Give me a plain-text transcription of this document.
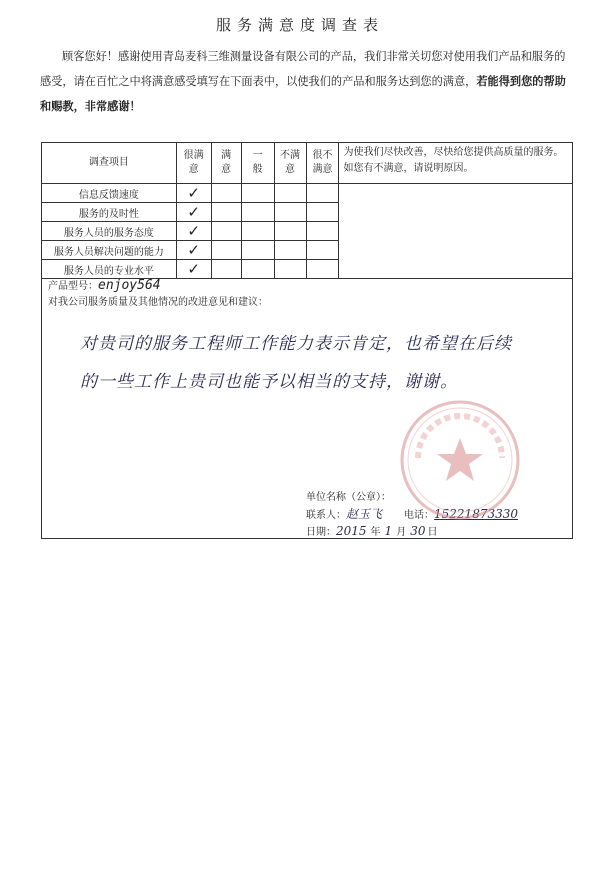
服务满意度调查表
顾客您好！感谢使用青岛麦科三维测量设备有限公司的产品，我们非常关切您对使用我们产品和服务的感受，请在百忙之中将满意感受填写在下面表中，以使我们的产品和服务达到您的满意，若能得到您的帮助和赐教，非常感谢！
调查项目	很满意	满意	一般	不满意	很不满意	为使我们尽快改善，尽快给您提供高质量的服务。如您有不满意，请说明原因。
信息反馈速度	✓					
服务的及时性	✓					
服务人员的服务态度	✓					
服务人员解决问题的能力	✓					
服务人员的专业水平	✓					
产品型号：enjoy564
对我公司服务质量及其他情况的改进意见和建议：
对贵司的服务工程师工作能力表示肯定，也希望在后续
的一些工作上贵司也能予以相当的支持，谢谢。
单位名称（公章）：
联系人：赵玉飞 电话：15221873330
日期：2015 年 1 月 30 日
